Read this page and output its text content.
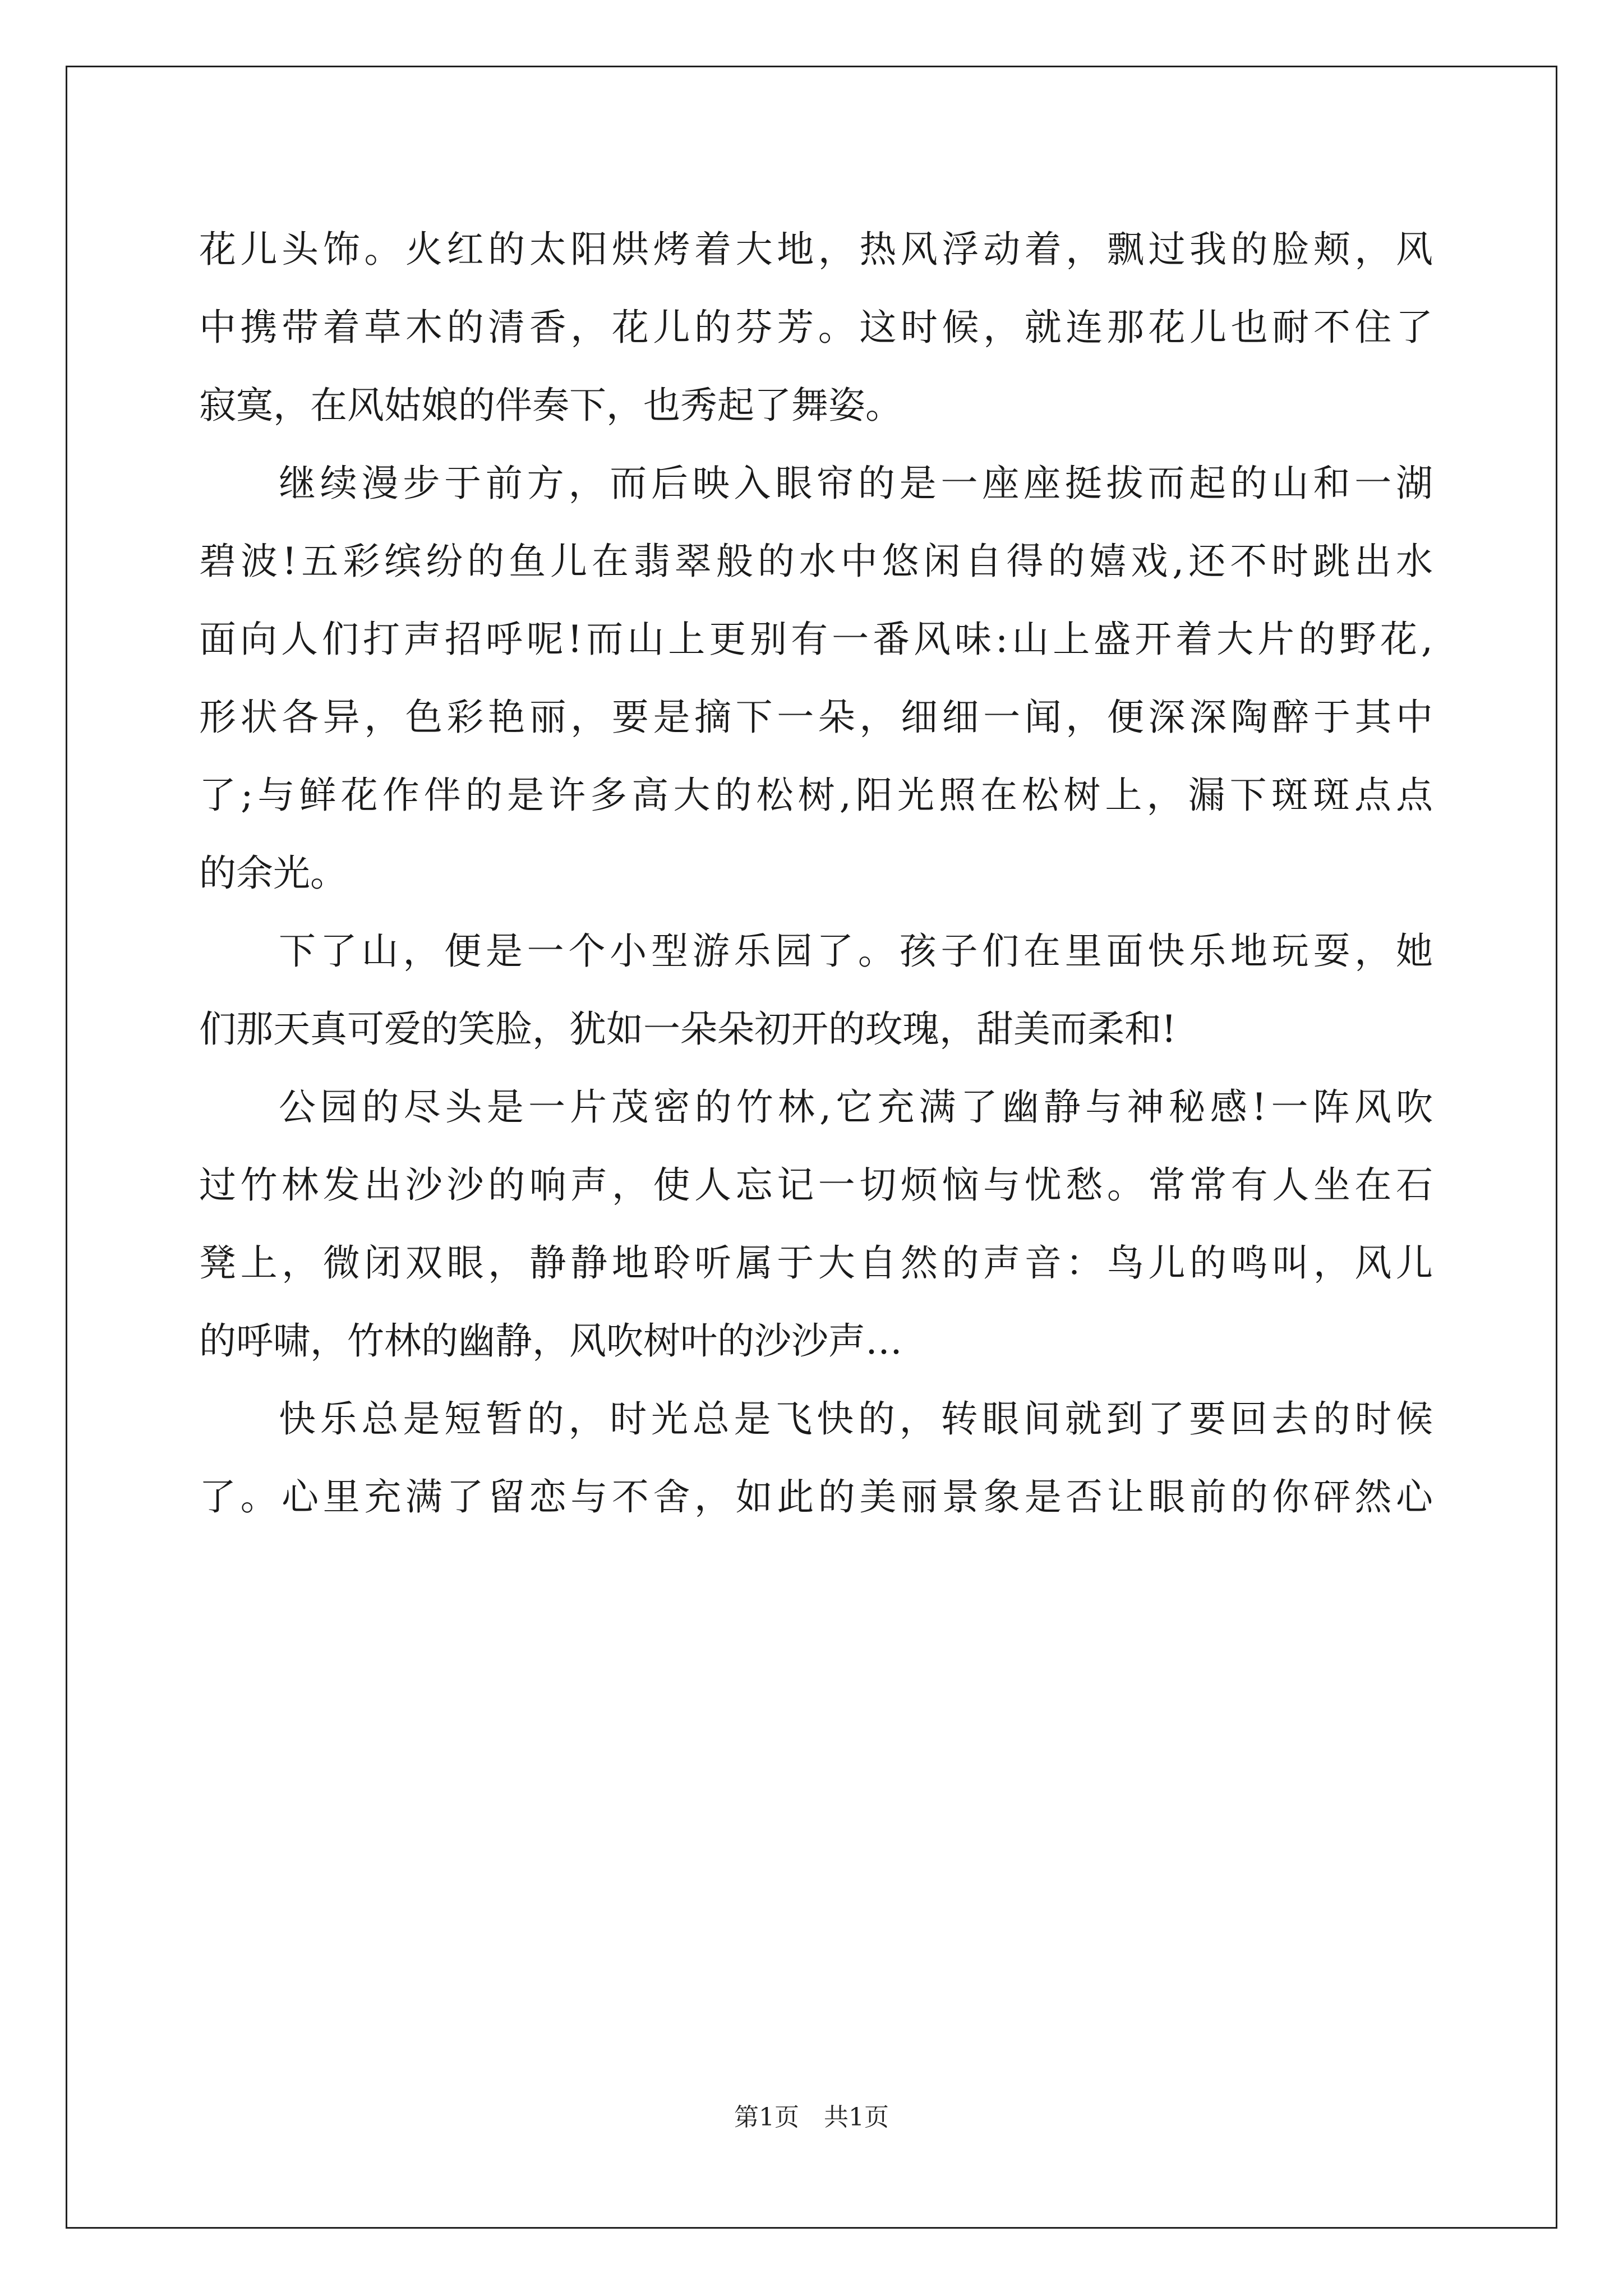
花儿头饰。火红的太阳烘烤着大地，热风浮动着，飘过我的脸颊，风
中携带着草木的清香，花儿的芬芳。这时候，就连那花儿也耐不住了
寂寞，在风姑娘的伴奏下，也秀起了舞姿。
继续漫步于前方，而后映入眼帘的是一座座挺拔而起的山和一湖
碧波!五彩缤纷的鱼儿在翡翠般的水中悠闲自得的嬉戏,还不时跳出水
面向人们打声招呼呢!而山上更别有一番风味:山上盛开着大片的野花,
形状各异，色彩艳丽，要是摘下一朵，细细一闻，便深深陶醉于其中
了;与鲜花作伴的是许多高大的松树,阳光照在松树上，漏下斑斑点点
的余光。
下了山，便是一个小型游乐园了。孩子们在里面快乐地玩耍，她
们那天真可爱的笑脸，犹如一朵朵初开的玫瑰，甜美而柔和!
公园的尽头是一片茂密的竹林,它充满了幽静与神秘感!一阵风吹
过竹林发出沙沙的响声，使人忘记一切烦恼与忧愁。常常有人坐在石
凳上，微闭双眼，静静地聆听属于大自然的声音：鸟儿的鸣叫，风儿
的呼啸，竹林的幽静，风吹树叶的沙沙声…
快乐总是短暂的，时光总是飞快的，转眼间就到了要回去的时候
了。心里充满了留恋与不舍，如此的美丽景象是否让眼前的你砰然心
第1页 共1页
